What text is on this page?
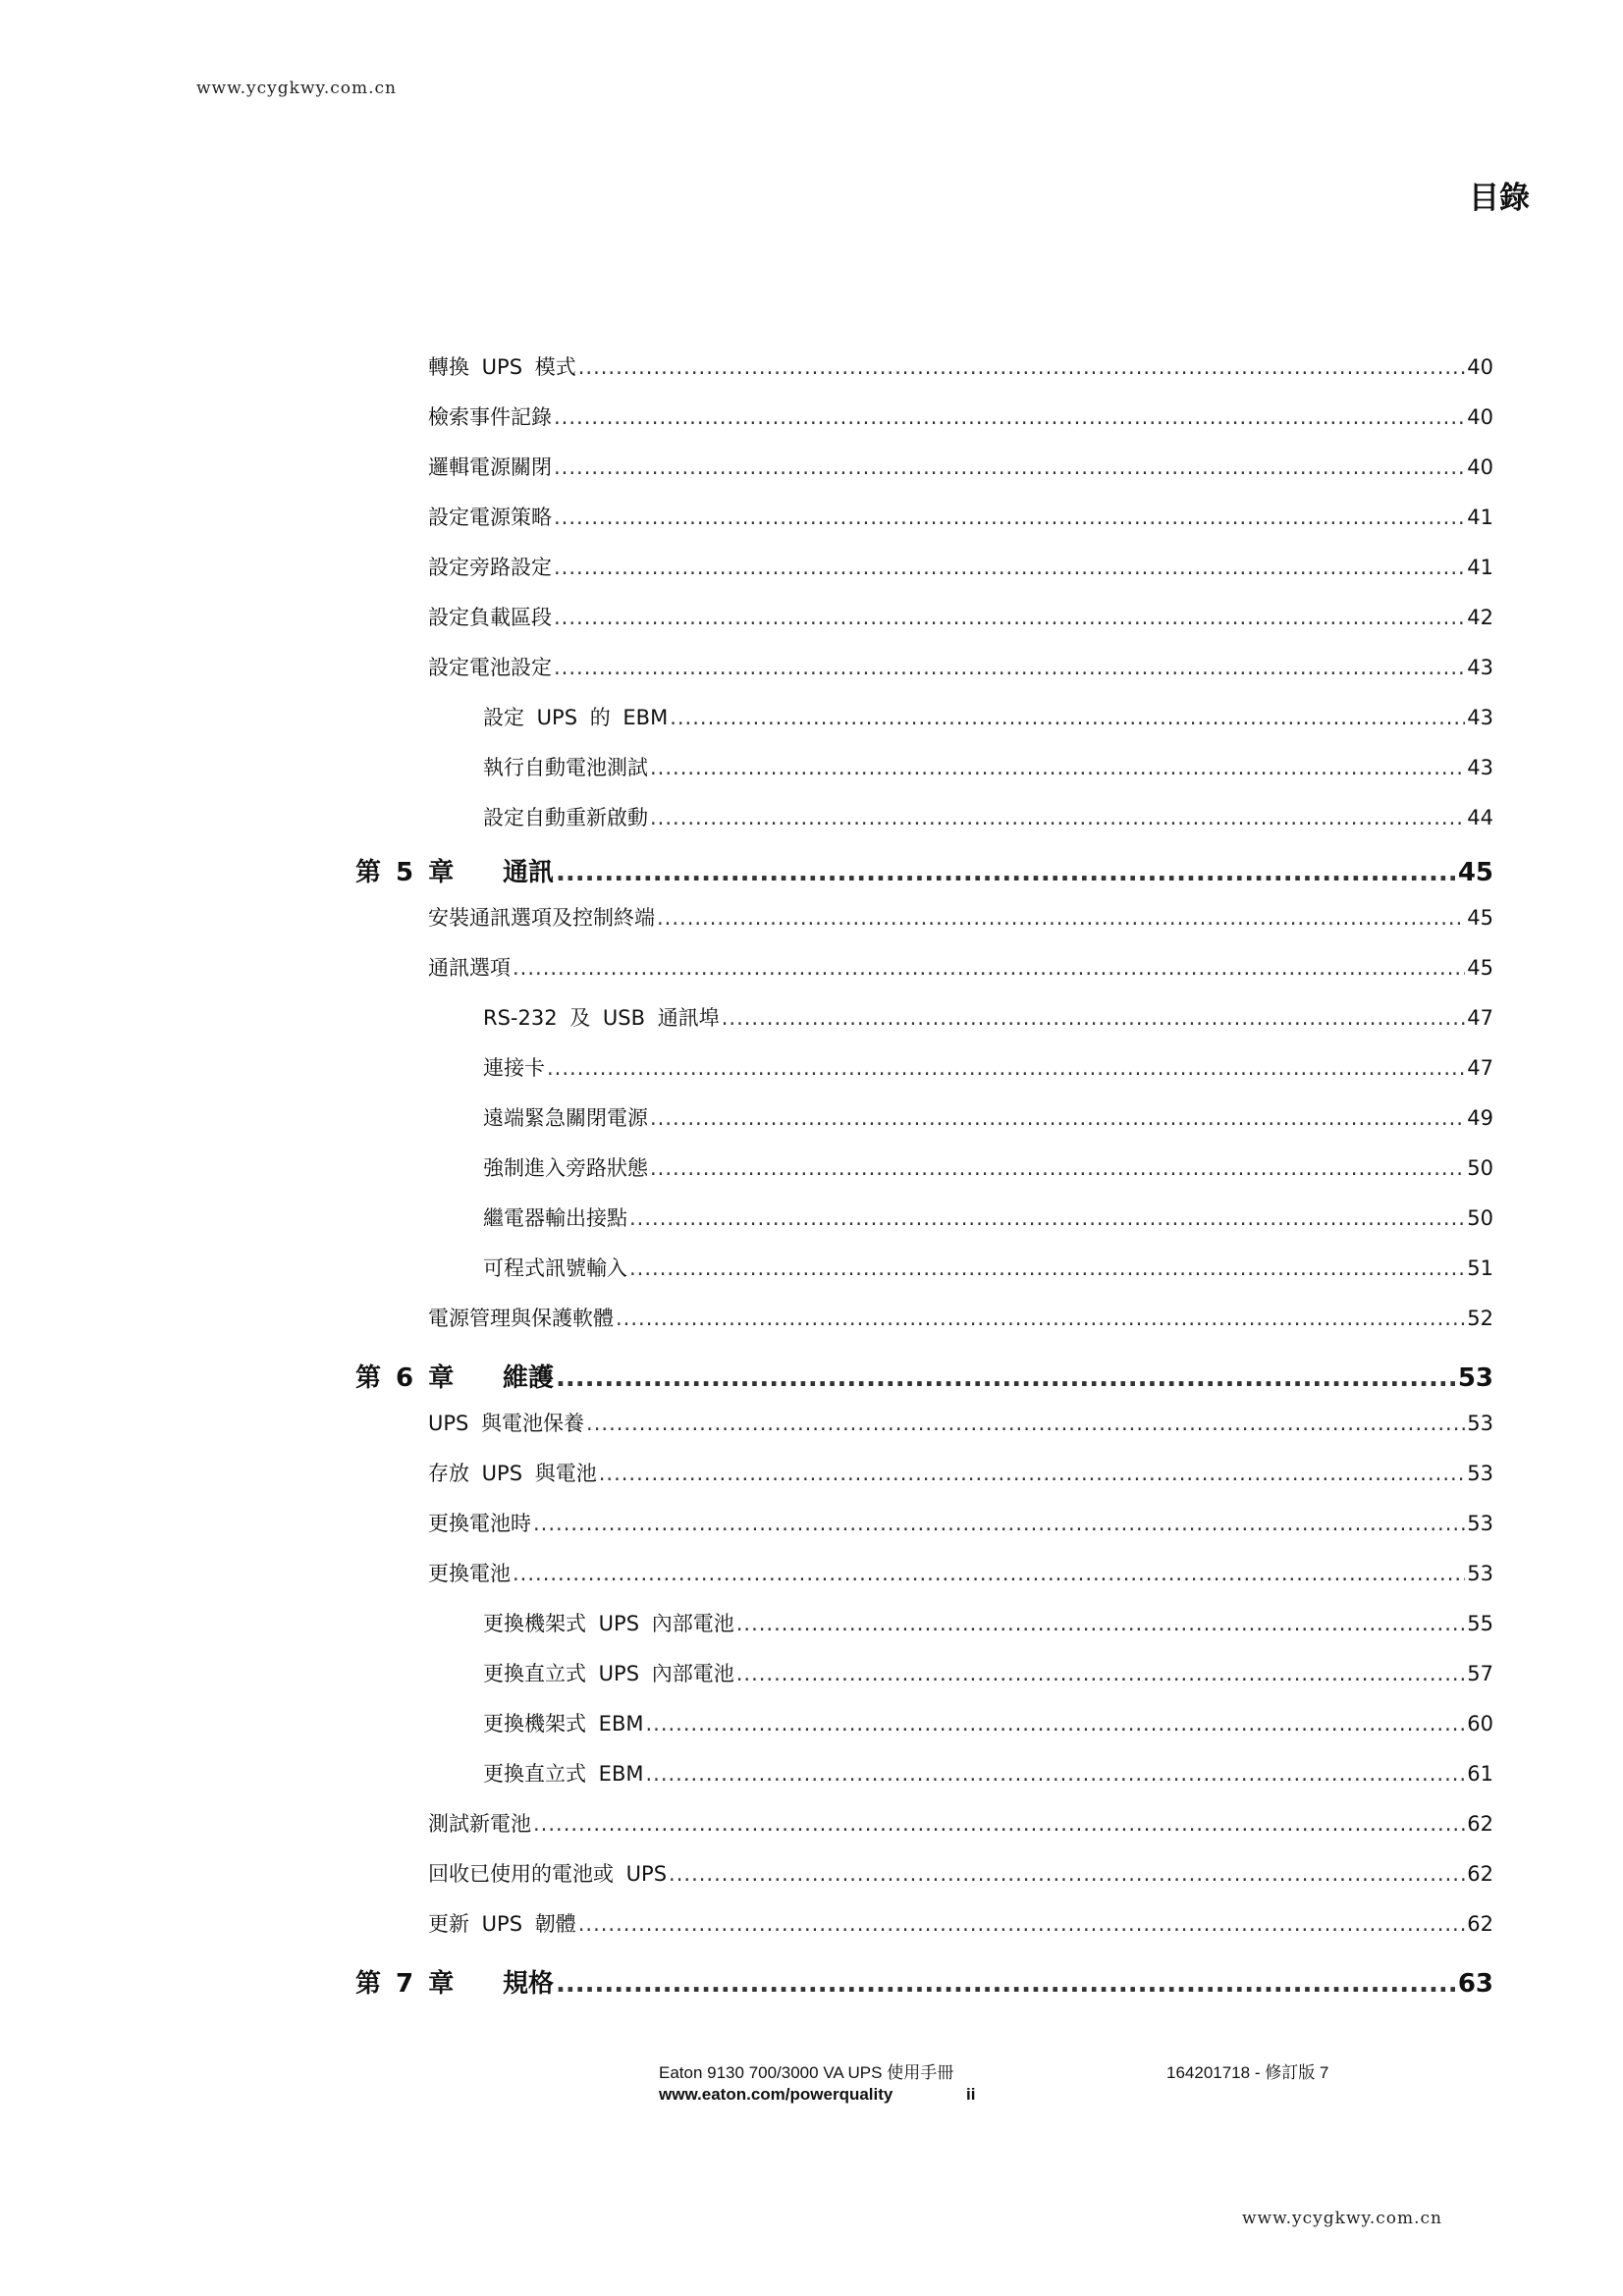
www.ycygkwy.com.cn
目錄
轉換 UPS 模式 .....	40
檢索事件記錄 .....	40
邏輯電源關閉 .....	40
設定電源策略 .....	41
設定旁路設定 .....	41
設定負載區段 .....	42
設定電池設定 .....	43
設定 UPS 的 EBM .....	43
執行自動電池測試 .....	43
設定自動重新啟動 .....	44
第 5 章	通訊 .....	45
安裝通訊選項及控制終端 .....	45
通訊選項 .....	45
RS-232 及 USB 通訊埠 .....	47
連接卡 .....	47
遠端緊急關閉電源 .....	49
強制進入旁路狀態 .....	50
繼電器輸出接點 .....	50
可程式訊號輸入 .....	51
電源管理與保護軟體 .....	52
第 6 章	維護 .....	53
UPS 與電池保養 .....	53
存放 UPS 與電池 .....	53
更換電池時 .....	53
更換電池 .....	53
更換機架式 UPS 內部電池 .....	55
更換直立式 UPS 內部電池 .....	57
更換機架式 EBM .....	60
更換直立式 EBM .....	61
測試新電池 .....	62
回收已使用的電池或 UPS .....	62
更新 UPS 韌體 .....	62
第 7 章	規格 .....	63
Eaton 9130 700/3000 VA UPS 使用手冊	164201718 - 修訂版 7
www.eaton.com/powerquality	ii
www.ycygkwy.com.cn
